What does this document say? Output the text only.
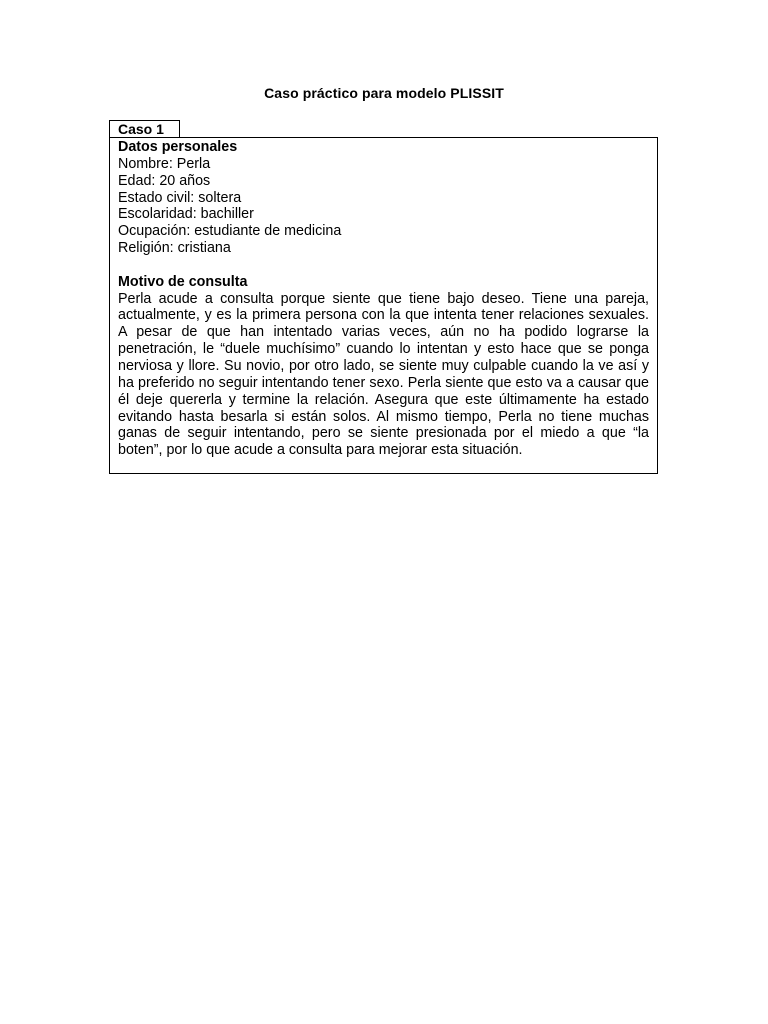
Caso práctico para modelo PLISSIT
Caso 1
Datos personales
Nombre: Perla
Edad: 20 años
Estado civil: soltera
Escolaridad: bachiller
Ocupación: estudiante de medicina
Religión: cristiana
Motivo de consulta
Perla acude a consulta porque siente que tiene bajo deseo. Tiene una pareja, actualmente, y es la primera persona con la que intenta tener relaciones sexuales. A pesar de que han intentado varias veces, aún no ha podido lograrse la penetración, le “duele muchísimo” cuando lo intentan y esto hace que se ponga nerviosa y llore. Su novio, por otro lado, se siente muy culpable cuando la ve así y ha preferido no seguir intentando tener sexo. Perla siente que esto va a causar que él deje quererla y termine la relación. Asegura que este últimamente ha estado evitando hasta besarla si están solos. Al mismo tiempo, Perla no tiene muchas ganas de seguir intentando, pero se siente presionada por el miedo a que “la boten”, por lo que acude a consulta para mejorar esta situación.
